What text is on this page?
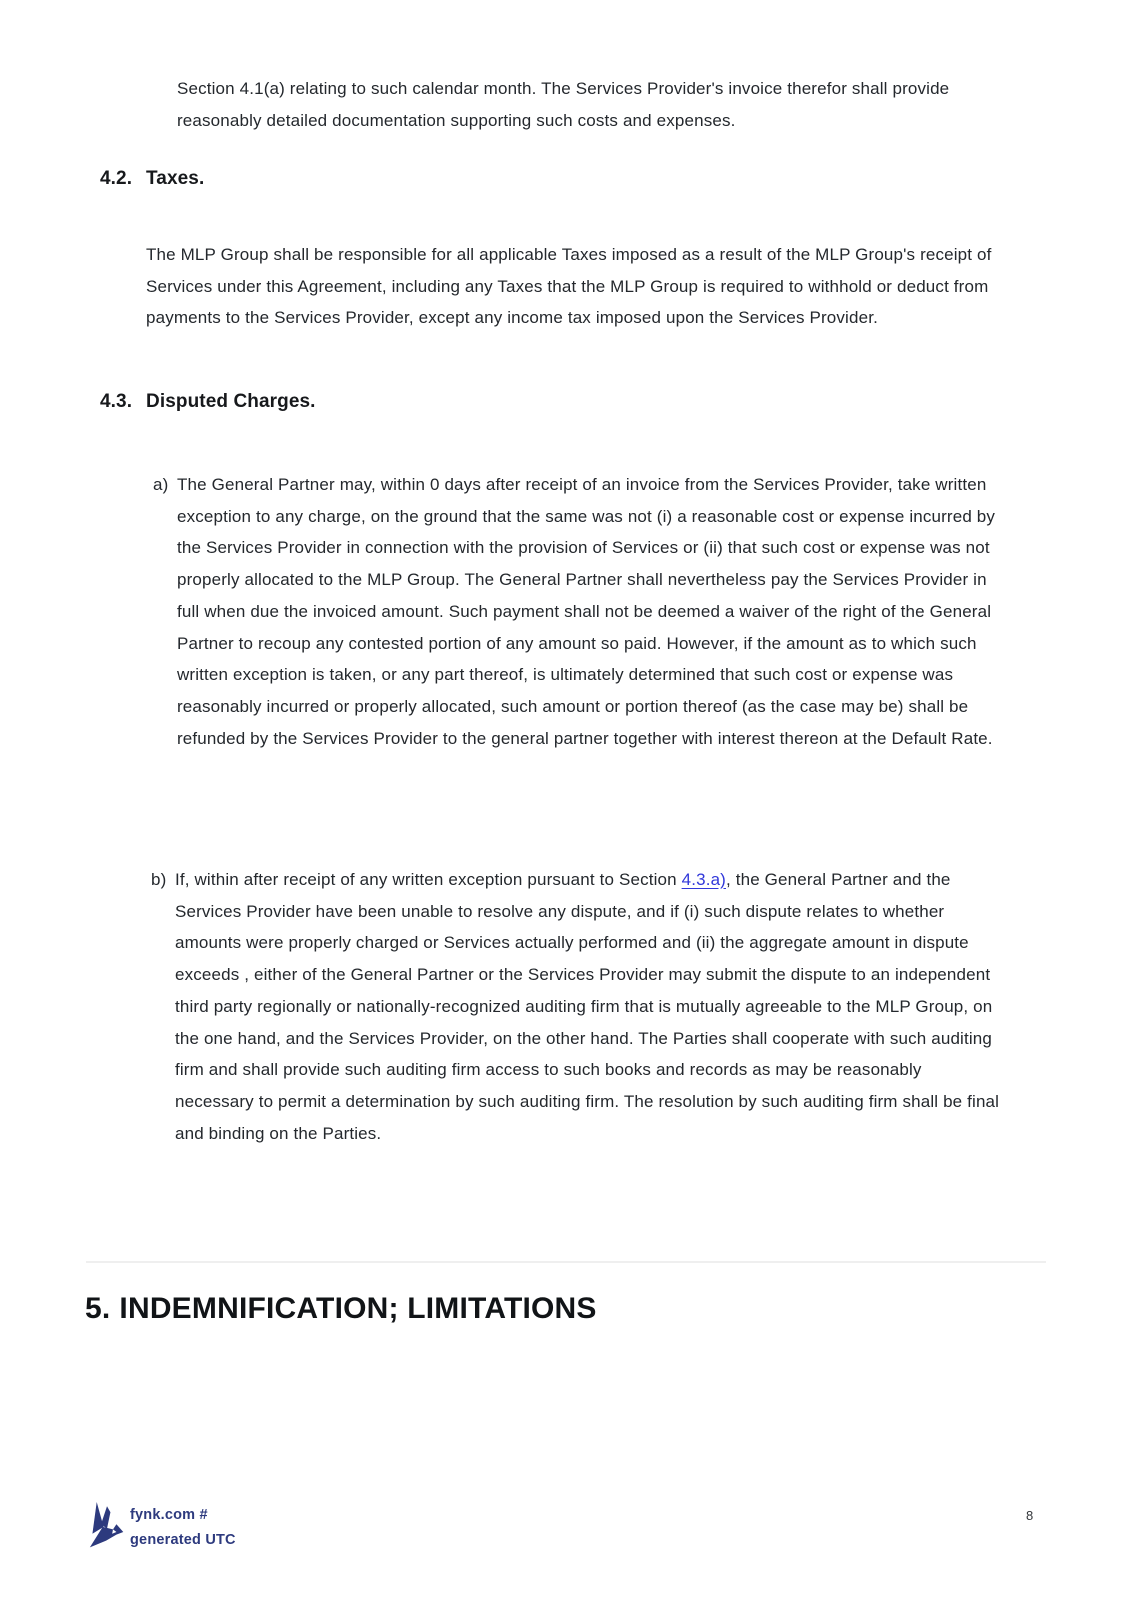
Section 4.1(a) relating to such calendar month. The Services Provider's invoice therefor shall provide reasonably detailed documentation supporting such costs and expenses.

4.2. Taxes.

The MLP Group shall be responsible for all applicable Taxes imposed as a result of the MLP Group's receipt of Services under this Agreement, including any Taxes that the MLP Group is required to withhold or deduct from payments to the Services Provider, except any income tax imposed upon the Services Provider.

4.3. Disputed Charges.
a) The General Partner may, within 0 days after receipt of an invoice from the Services Provider, take written exception to any charge, on the ground that the same was not (i) a reasonable cost or expense incurred by the Services Provider in connection with the provision of Services or (ii) that such cost or expense was not properly allocated to the MLP Group. The General Partner shall nevertheless pay the Services Provider in full when due the invoiced amount. Such payment shall not be deemed a waiver of the right of the General Partner to recoup any contested portion of any amount so paid. However, if the amount as to which such written exception is taken, or any part thereof, is ultimately determined that such cost or expense was reasonably incurred or properly allocated, such amount or portion thereof (as the case may be) shall be refunded by the Services Provider to the general partner together with interest thereon at the Default Rate.
b) If, within after receipt of any written exception pursuant to Section 4.3.a), the General Partner and the Services Provider have been unable to resolve any dispute, and if (i) such dispute relates to whether amounts were properly charged or Services actually performed and (ii) the aggregate amount in dispute exceeds , either of the General Partner or the Services Provider may submit the dispute to an independent third party regionally or nationally-recognized auditing firm that is mutually agreeable to the MLP Group, on the one hand, and the Services Provider, on the other hand. The Parties shall cooperate with such auditing firm and shall provide such auditing firm access to such books and records as may be reasonably necessary to permit a determination by such auditing firm. The resolution by such auditing firm shall be final and binding on the Parties.
5. INDEMNIFICATION; LIMITATIONS
fynk.com #
generated UTC
8
